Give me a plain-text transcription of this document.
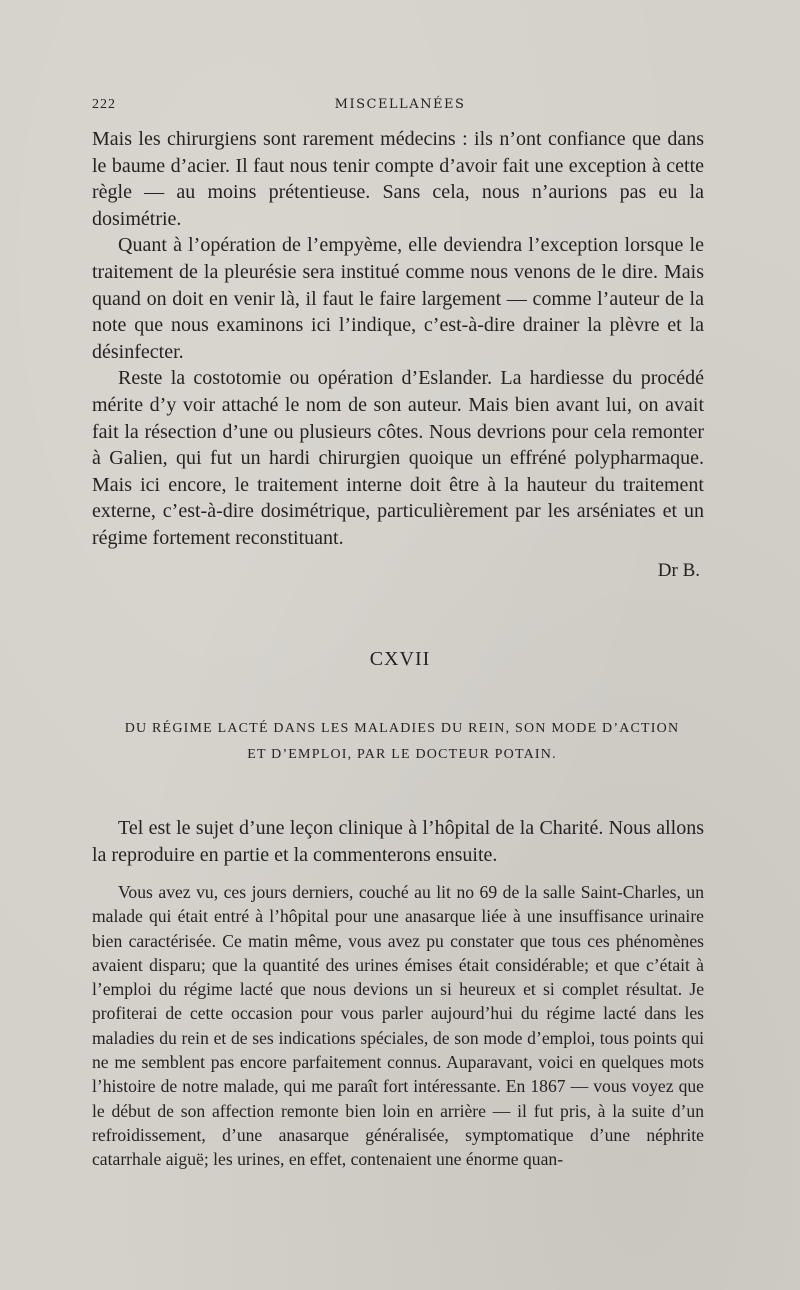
222	MISCELLANÉES

Mais les chirurgiens sont rarement médecins : ils n’ont confiance que dans le baume d’acier. Il faut nous tenir compte d’avoir fait une exception à cette règle — au moins prétentieuse. Sans cela, nous n’aurions pas eu la dosimétrie.

Quant à l’opération de l’empyème, elle deviendra l’exception lorsque le traitement de la pleurésie sera institué comme nous venons de le dire. Mais quand on doit en venir là, il faut le faire largement — comme l’auteur de la note que nous examinons ici l’indique, c’est-à-dire drainer la plèvre et la désinfecter.

Reste la costotomie ou opération d’Eslander. La hardiesse du procédé mérite d’y voir attaché le nom de son auteur. Mais bien avant lui, on avait fait la résection d’une ou plusieurs côtes. Nous devrions pour cela remonter à Galien, qui fut un hardi chirurgien quoique un effréné polypharmaque. Mais ici encore, le traitement interne doit être à la hauteur du traitement externe, c’est-à-dire dosimétrique, particulièrement par les arséniates et un régime fortement reconstituant.

Dr B.
CXVII
DU RÉGIME LACTÉ DANS LES MALADIES DU REIN, SON MODE D’ACTION
ET D’EMPLOI, PAR LE DOCTEUR POTAIN.
Tel est le sujet d’une leçon clinique à l’hôpital de la Charité. Nous allons la reproduire en partie et la commenterons ensuite.
Vous avez vu, ces jours derniers, couché au lit no 69 de la salle Saint-Charles, un malade qui était entré à l’hôpital pour une anasarque liée à une insuffisance urinaire bien caractérisée. Ce matin même, vous avez pu constater que tous ces phénomènes avaient disparu; que la quantité des urines émises était considérable; et que c’était à l’emploi du régime lacté que nous devions un si heureux et si complet résultat. Je profiterai de cette occasion pour vous parler aujourd’hui du régime lacté dans les maladies du rein et de ses indications spéciales, de son mode d’emploi, tous points qui ne me semblent pas encore parfaitement connus. Auparavant, voici en quelques mots l’histoire de notre malade, qui me paraît fort intéressante. En 1867 — vous voyez que le début de son affection remonte bien loin en arrière — il fut pris, à la suite d’un refroidissement, d’une anasarque généralisée, symptomatique d’une néphrite catarrhale aiguë; les urines, en effet, contenaient une énorme quan-
